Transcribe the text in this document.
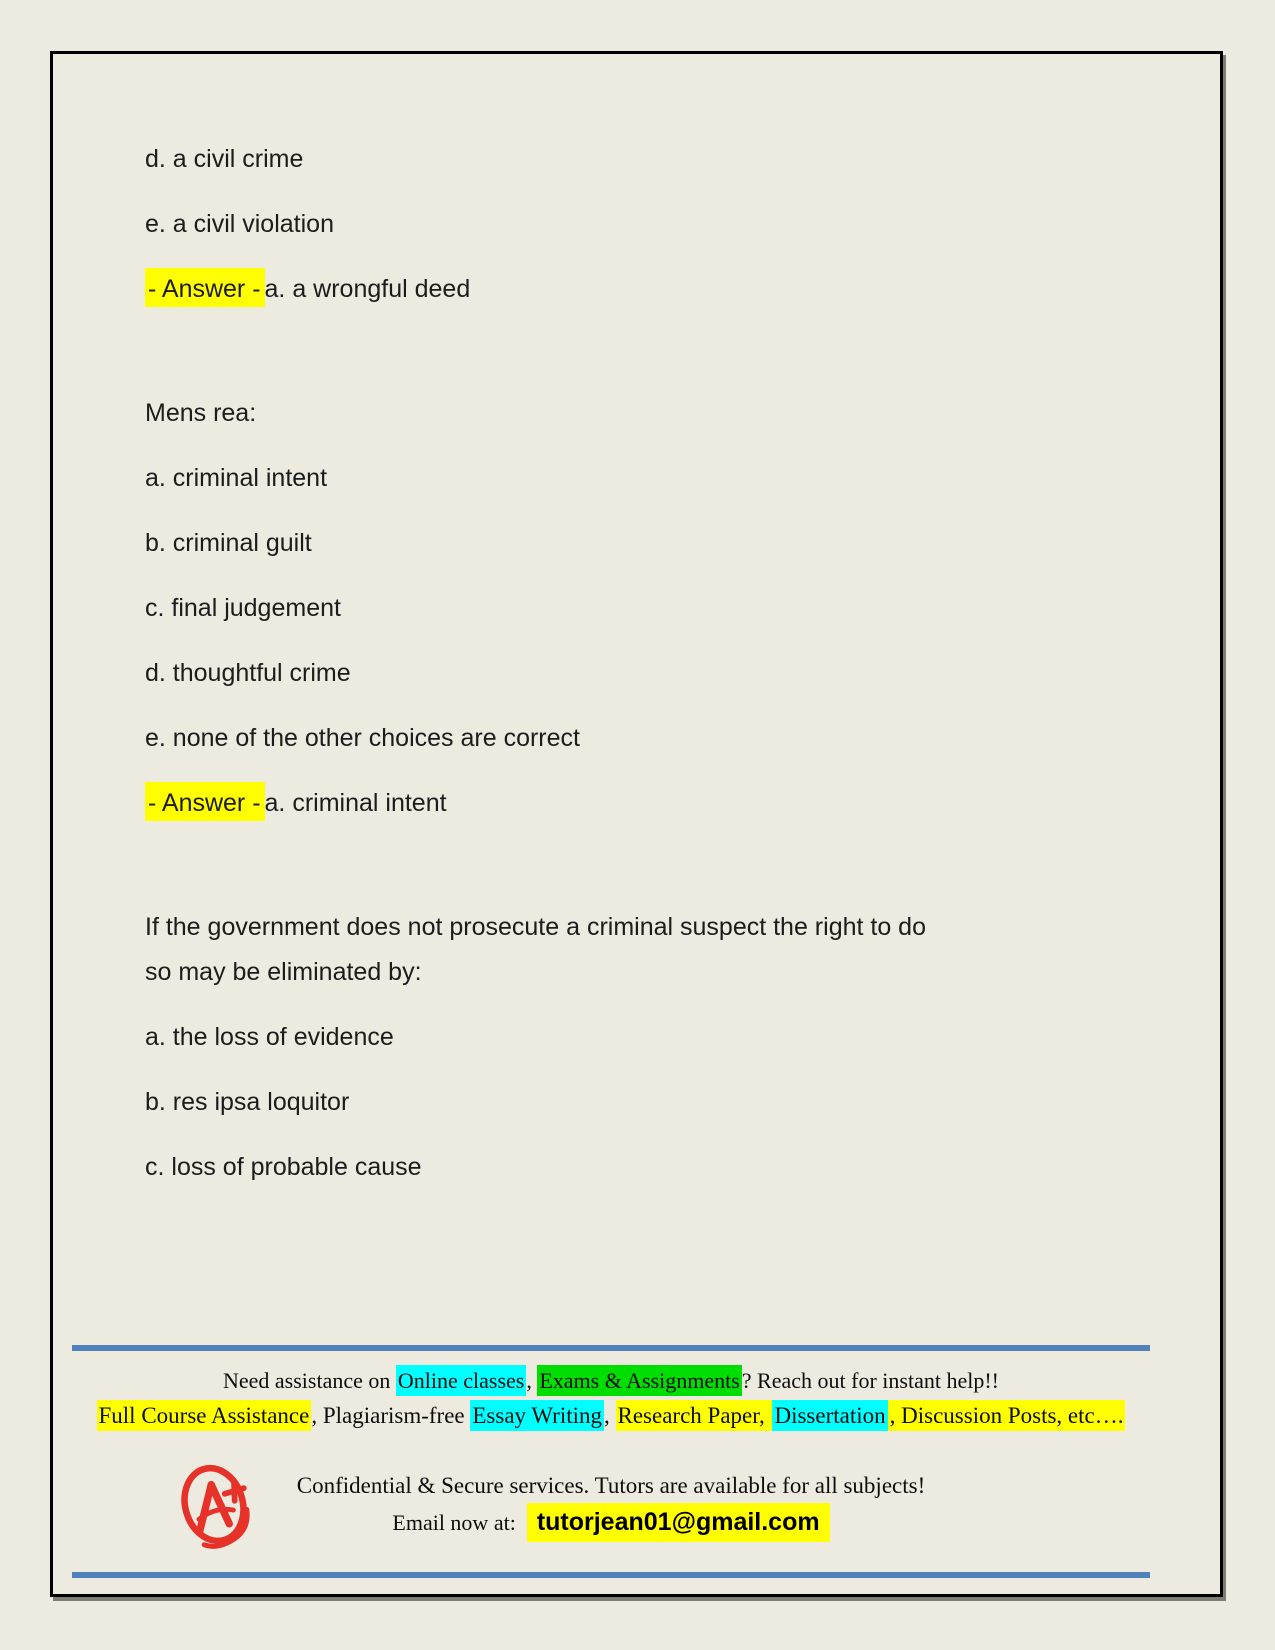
d. a civil crime

e. a civil violation

- Answer - a. a wrongful deed

Mens rea:

a. criminal intent

b. criminal guilt

c. final judgement

d. thoughtful crime

e. none of the other choices are correct

- Answer - a. criminal intent

If the government does not prosecute a criminal suspect the right to do
so may be eliminated by:

a. the loss of evidence

b. res ipsa loquitor

c. loss of probable cause

Need assistance on Online classes, Exams & Assignments? Reach out for instant help!!

Full Course Assistance, Plagiarism-free Essay Writing, Research Paper, Dissertation , Discussion Posts, etc….

Confidential & Secure services. Tutors are available for all subjects!

Email now at: tutorjean01@gmail.com
